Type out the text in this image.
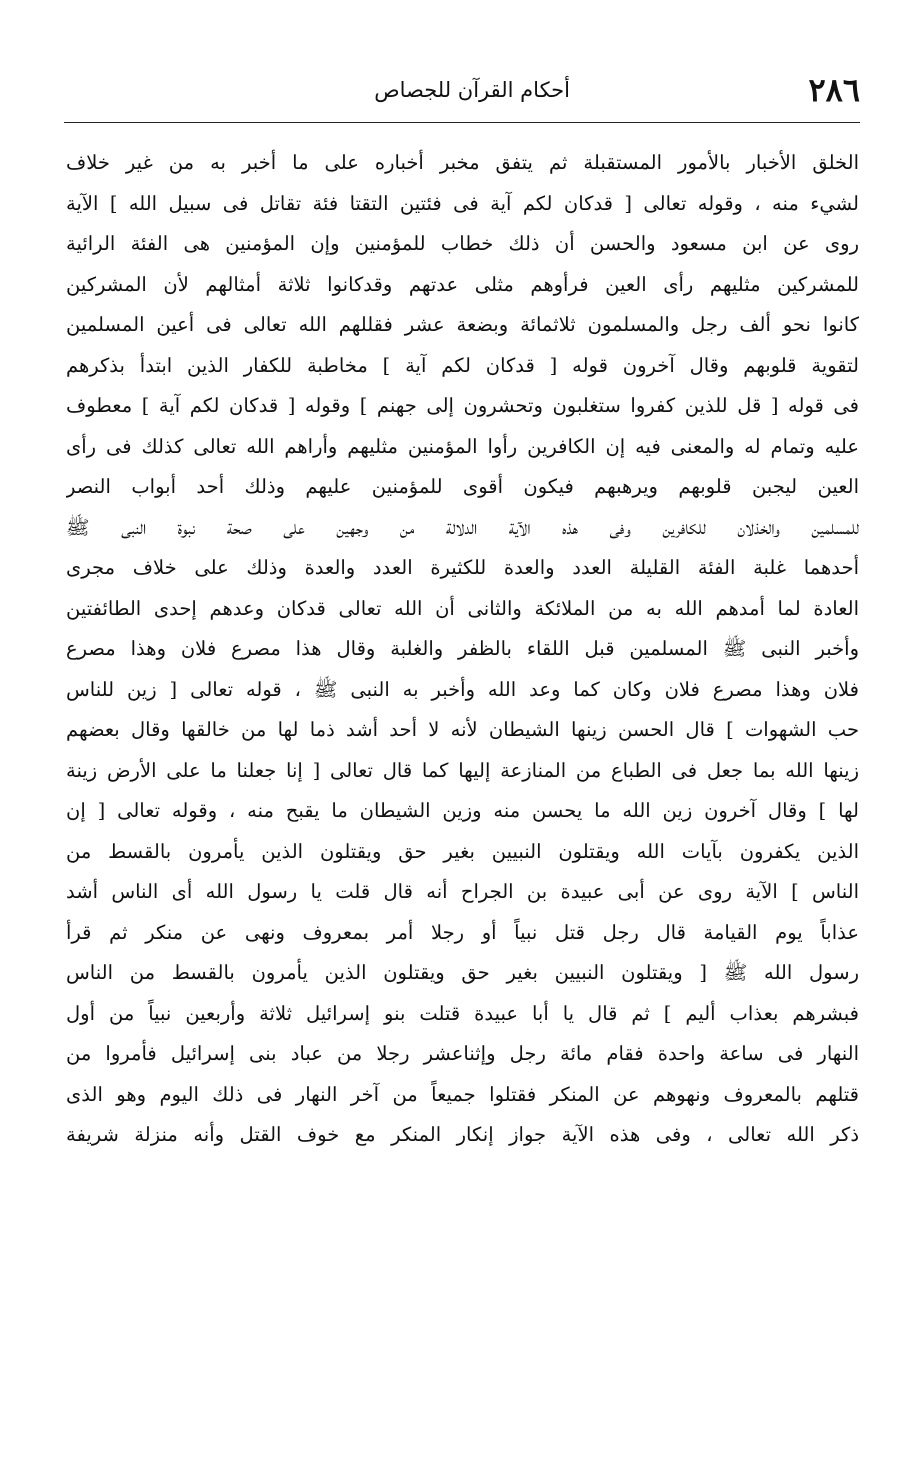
٢٨٦
أحكام القرآن للجصاص
الخلق الأخبار بالأمور المستقبلة ثم يتفق مخبر أخباره على ما أخبر به من غير خلاف
لشيء منه ، وقوله تعالى [ قدكان لكم آية فى فئتين التقتا فئة تقاتل فى سبيل الله ] الآية
روى عن ابن مسعود والحسن أن ذلك خطاب للمؤمنين وإن المؤمنين هى الفئة الرائية
للمشركين مثليهم رأى العين فرأوهم مثلى عدتهم وقدكانوا ثلاثة أمثالهم لأن المشركين
كانوا نحو ألف رجل والمسلمون ثلاثمائة وبضعة عشر فقللهم الله تعالى فى أعين المسلمين
لتقوية قلوبهم وقال آخرون قوله [ قدكان لكم آية ] مخاطبة للكفار الذين ابتدأ بذكرهم
فى قوله [ قل للذين كفروا ستغلبون وتحشرون إلى جهنم ] وقوله [ قدكان لكم آية ] معطوف
عليه وتمام له والمعنى فيه إن الكافرين رأوا المؤمنين مثليهم وأراهم الله تعالى كذلك فى رأى
العين ليجبن قلوبهم ويرهبهم فيكون أقوى للمؤمنين عليهم وذلك أحد أبواب النصر
للمسلمين والخذلان للكافرين وفى هذه الآية الدلالة من وجهين على صحة نبوة النبى ﷺ
أحدهما غلبة الفئة القليلة العدد والعدة للكثيرة العدد والعدة وذلك على خلاف مجرى
العادة لما أمدهم الله به من الملائكة والثانى أن الله تعالى قدكان وعدهم إحدى الطائفتين
وأخبر النبى ﷺ المسلمين قبل اللقاء بالظفر والغلبة وقال هذا مصرع فلان وهذا مصرع
فلان وهذا مصرع فلان وكان كما وعد الله وأخبر به النبى ﷺ ، قوله تعالى [ زين للناس
حب الشهوات ] قال الحسن زينها الشيطان لأنه لا أحد أشد ذما لها من خالقها وقال بعضهم
زينها الله بما جعل فى الطباع من المنازعة إليها كما قال تعالى [ إنا جعلنا ما على الأرض زينة
لها ] وقال آخرون زين الله ما يحسن منه وزين الشيطان ما يقبح منه ، وقوله تعالى [ إن
الذين يكفرون بآيات الله ويقتلون النبيين بغير حق ويقتلون الذين يأمرون بالقسط من
الناس ] الآية روى عن أبى عبيدة بن الجراح أنه قال قلت يا رسول الله أى الناس أشد
عذاباً يوم القيامة قال رجل قتل نبياً أو رجلا أمر بمعروف ونهى عن منكر ثم قرأ
رسول الله ﷺ [ ويقتلون النبيين بغير حق ويقتلون الذين يأمرون بالقسط من الناس
فبشرهم بعذاب أليم ] ثم قال يا أبا عبيدة قتلت بنو إسرائيل ثلاثة وأربعين نبياً من أول
النهار فى ساعة واحدة فقام مائة رجل وإثناعشر رجلا من عباد بنى إسرائيل فأمروا من
قتلهم بالمعروف ونهوهم عن المنكر فقتلوا جميعاً من آخر النهار فى ذلك اليوم وهو الذى
ذكر الله تعالى ، وفى هذه الآية جواز إنكار المنكر مع خوف القتل وأنه منزلة شريفة
